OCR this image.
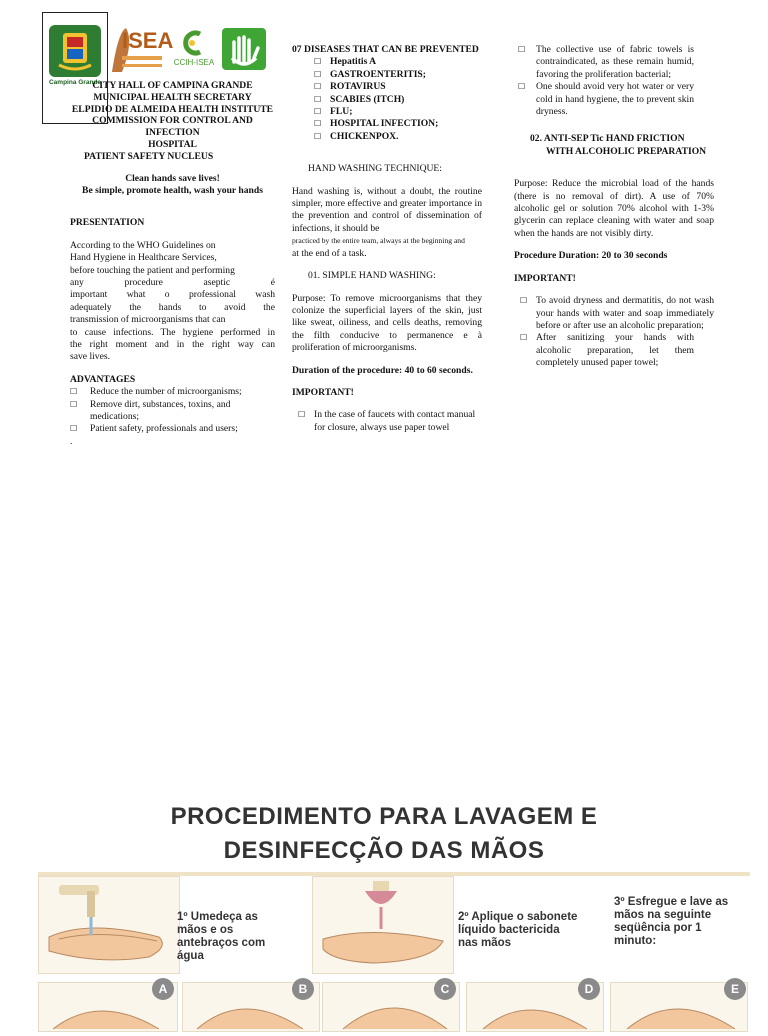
Campina Grande
ISEA
CCIH-ISEA
CITY HALL OF CAMPINA GRANDE
MUNICIPAL HEALTH SECRETARY
ELPIDIO DE ALMEIDA HEALTH INSTITUTE
COMMISSION FOR CONTROL AND INFECTION
HOSPITAL
PATIENT SAFETY NUCLEUS
Clean hands save lives!
Be simple, promote health, wash your hands
PRESENTATION
According to the WHO Guidelines on
Hand Hygiene in Healthcare Services,
before touching the patient and performing
any procedure aseptic é
important what o professional wash
adequately the hands to avoid the
transmission of microorganisms that can
to cause infections. The hygiene performed in
the right moment and in the right way can
save lives.
ADVANTAGES
☐ Reduce the number of microorganisms;
☐ Remove dirt, substances, toxins, and medications;
☐ Patient safety, professionals and users;
.
07 DISEASES THAT CAN BE PREVENTED
☐ Hepatitis A
☐ GASTROENTERITIS;
☐ ROTAVIRUS
☐ SCABIES (ITCH)
☐ FLU;
☐ HOSPITAL INFECTION;
☐ CHICKENPOX.
HAND WASHING TECHNIQUE:
Hand washing is, without a doubt, the routine simpler, more effective and greater importance in the prevention and control of dissemination of infections, it should be
practiced by the entire team, always at the beginning and
at the end of a task.
01. SIMPLE HAND WASHING:
Purpose: To remove microorganisms that they colonize the superficial layers of the skin, just like sweat, oiliness, and cells deaths, removing the filth conducive to permanence e à proliferation of microorganisms.
Duration of the procedure: 40 to 60 seconds.
IMPORTANT!
☐ In the case of faucets with contact manual for closure, always use paper towel
☐ The collective use of fabric towels is contraindicated, as these remain humid, favoring the proliferation bacterial;
☐ One should avoid very hot water or very cold in hand hygiene, the to prevent skin dryness.
02. ANTI-SEP Tic HAND FRICTION
WITH ALCOHOLIC PREPARATION
Purpose: Reduce the microbial load of the hands (there is no removal of dirt). A use of 70% alcoholic gel or solution 70% alcohol with 1-3% glycerin can replace cleaning with water and soap when the hands are not visibly dirty.
Procedure Duration: 20 to 30 seconds
IMPORTANT!
☐ To avoid dryness and dermatitis, do not wash your hands with water and soap immediately before or after use an alcoholic preparation;
☐ After sanitizing your hands with alcoholic preparation, let them completely unused paper towel;
PROCEDIMENTO PARA LAVAGEM E
DESINFECÇÃO DAS MÃOS
1º Umedeça as mãos e os antebraços com água
2º Aplique o sabonete líquido bactericida nas mãos
3º Esfregue e lave as mãos na seguinte seqüência por 1 minuto:
A	B	C	D	E
